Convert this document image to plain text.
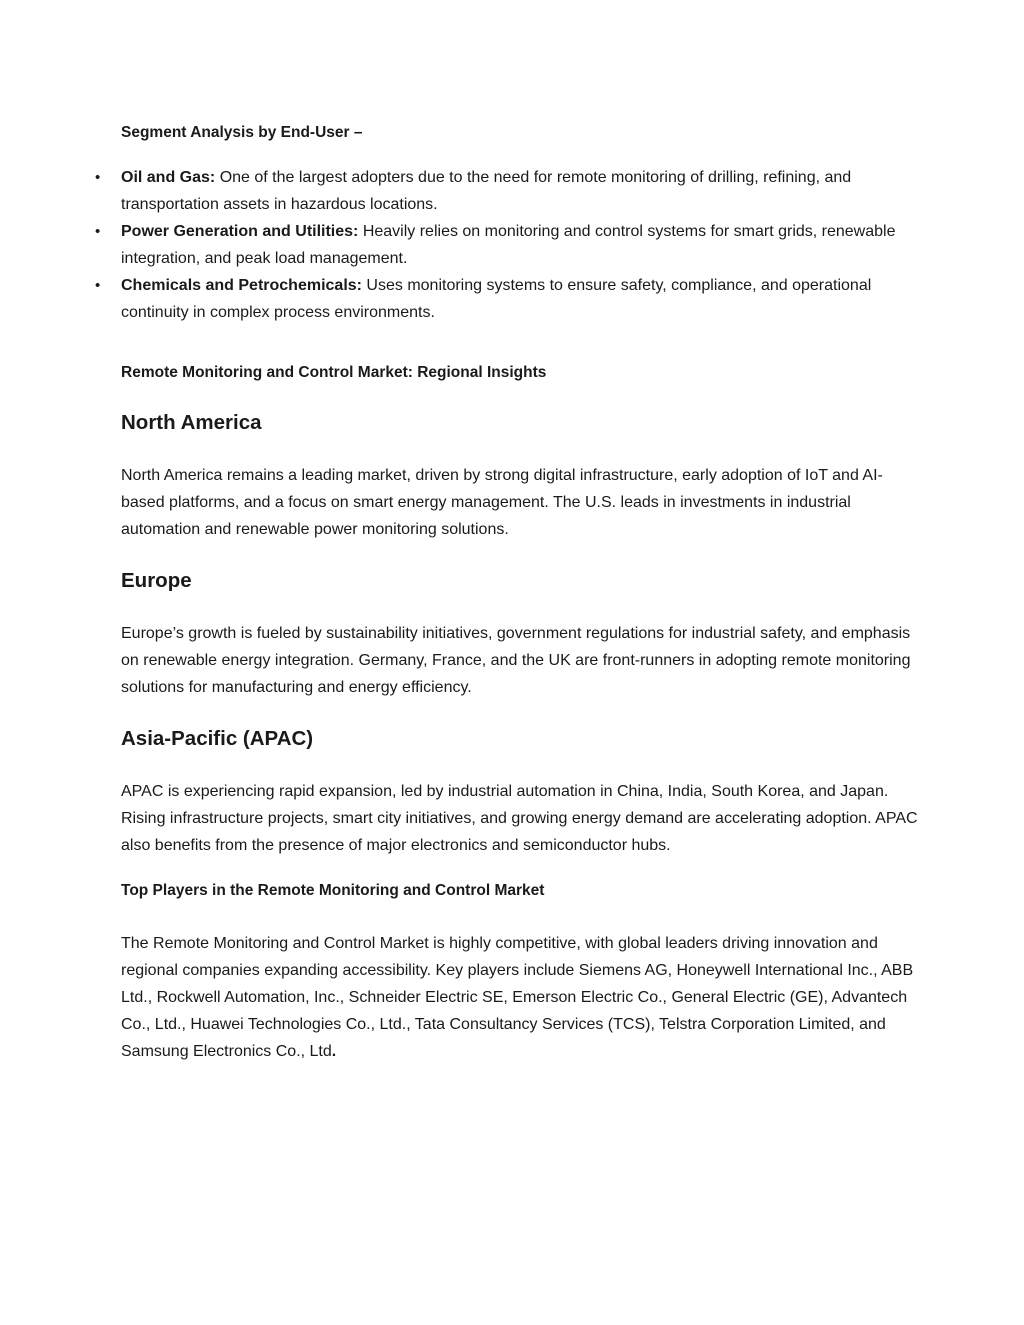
Segment Analysis by End-User –
•	Oil and Gas: One of the largest adopters due to the need for remote monitoring of drilling, refining, and transportation assets in hazardous locations.
•	Power Generation and Utilities: Heavily relies on monitoring and control systems for smart grids, renewable integration, and peak load management.
•	Chemicals and Petrochemicals: Uses monitoring systems to ensure safety, compliance, and operational continuity in complex process environments.
Remote Monitoring and Control Market: Regional Insights
North America

North America remains a leading market, driven by strong digital infrastructure, early adoption of IoT and AI-based platforms, and a focus on smart energy management. The U.S. leads in investments in industrial automation and renewable power monitoring solutions.

Europe

Europe’s growth is fueled by sustainability initiatives, government regulations for industrial safety, and emphasis on renewable energy integration. Germany, France, and the UK are front-runners in adopting remote monitoring solutions for manufacturing and energy efficiency.

Asia-Pacific (APAC)

APAC is experiencing rapid expansion, led by industrial automation in China, India, South Korea, and Japan. Rising infrastructure projects, smart city initiatives, and growing energy demand are accelerating adoption. APAC also benefits from the presence of major electronics and semiconductor hubs.

Top Players in the Remote Monitoring and Control Market

The Remote Monitoring and Control Market is highly competitive, with global leaders driving innovation and regional companies expanding accessibility. Key players include Siemens AG, Honeywell International Inc., ABB Ltd., Rockwell Automation, Inc., Schneider Electric SE, Emerson Electric Co., General Electric (GE), Advantech Co., Ltd., Huawei Technologies Co., Ltd., Tata Consultancy Services (TCS), Telstra Corporation Limited, and Samsung Electronics Co., Ltd.
